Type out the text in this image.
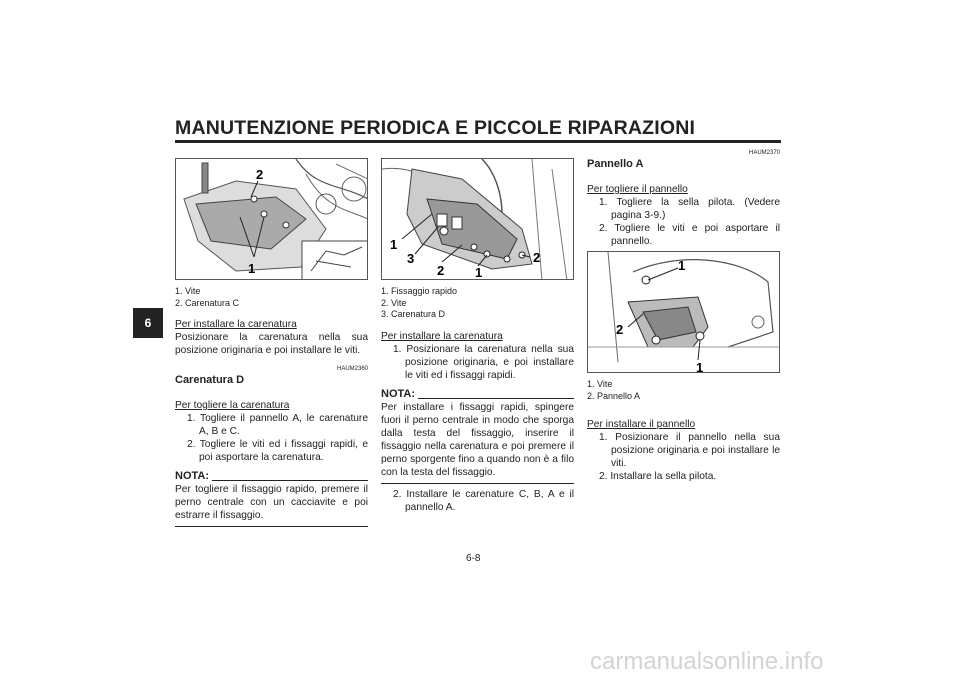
MANUTENZIONE PERIODICA E PICCOLE RIPARAZIONI
6
2
1
1. Vite
2. Carenatura C
Per installare la carenatura
Posizionare la carenatura nella sua posizione originaria e poi installare le viti.
HAUM2360
Carenatura D
Per togliere la carenatura
1. Togliere il pannello A, le carenature A, B e C.
2. Togliere le viti ed i fissaggi rapidi, e poi asportare la carenatura.
NOTA:
Per togliere il fissaggio rapido, premere il perno centrale con un cacciavite e poi estrarre il fissaggio.
1
3
2 1
2
1. Fissaggio rapido
2. Vite
3. Carenatura D
Per installare la carenatura
1. Posizionare la carenatura nella sua posizione originaria, e poi installare le viti ed i fissaggi rapidi.
NOTA:
Per installare i fissaggi rapidi, spingere fuori il perno centrale in modo che sporga dalla testa del fissaggio, inserire il fissaggio nella carenatura e poi premere il perno sporgente fino a quando non è a filo con la testa del fissaggio.
2. Installare le carenature C, B, A e il pannello A.
HAUM2370
Pannello A
Per togliere il pannello
1. Togliere la sella pilota. (Vedere pagina 3-9.)
2. Togliere le viti e poi asportare il pannello.
1
2
1
1. Vite
2. Pannello A
Per installare il pannello
1. Posizionare il pannello nella sua posizione originaria e poi installare le viti.
2. Installare la sella pilota.
6-8
carmanualsonline.info
